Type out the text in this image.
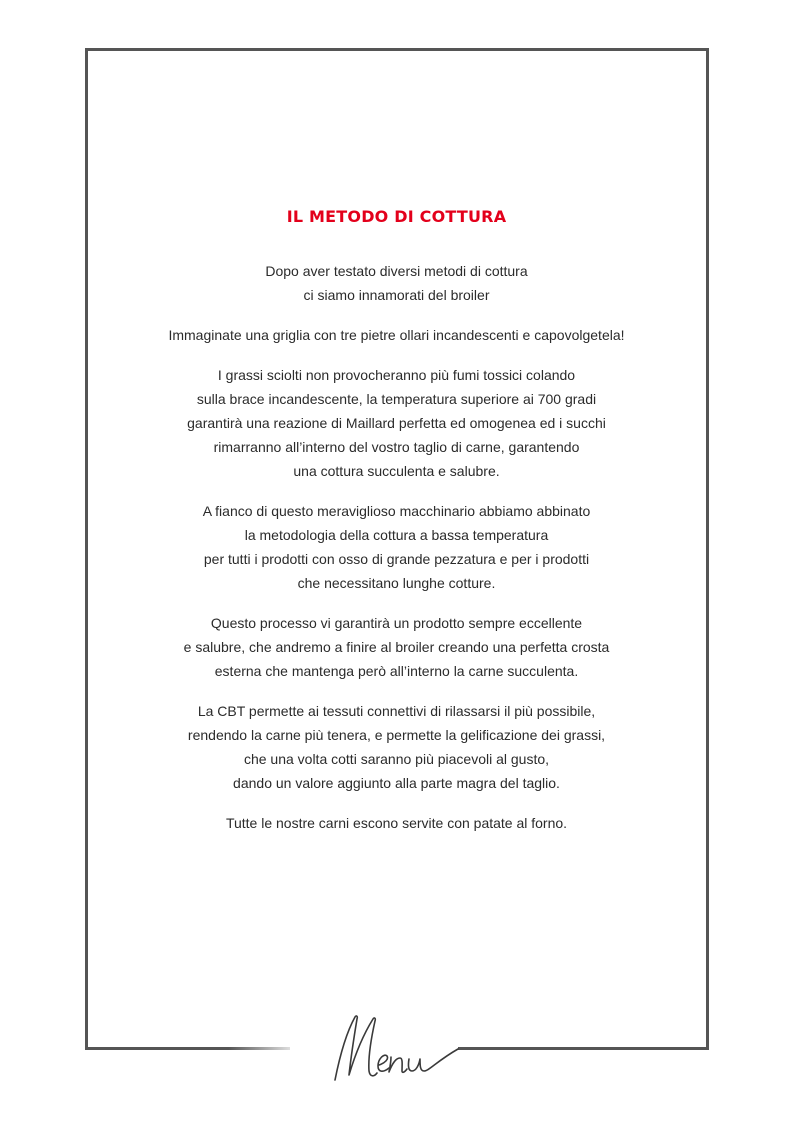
IL METODO DI COTTURA

Dopo aver testato diversi metodi di cottura
ci siamo innamorati del broiler

Immaginate una griglia con tre pietre ollari incandescenti e capovolgetela!

I grassi sciolti non provocheranno più fumi tossici colando
sulla brace incandescente, la temperatura superiore ai 700 gradi
garantirà una reazione di Maillard perfetta ed omogenea ed i succhi
rimarranno all’interno del vostro taglio di carne, garantendo
una cottura succulenta e salubre.

A fianco di questo meraviglioso macchinario abbiamo abbinato
la metodologia della cottura a bassa temperatura
per tutti i prodotti con osso di grande pezzatura e per i prodotti
che necessitano lunghe cotture.

Questo processo vi garantirà un prodotto sempre eccellente
e salubre, che andremo a finire al broiler creando una perfetta crosta
esterna che mantenga però all’interno la carne succulenta.

La CBT permette ai tessuti connettivi di rilassarsi il più possibile,
rendendo la carne più tenera, e permette la gelificazione dei grassi,
che una volta cotti saranno più piacevoli al gusto,
dando un valore aggiunto alla parte magra del taglio.

Tutte le nostre carni escono servite con patate al forno.
